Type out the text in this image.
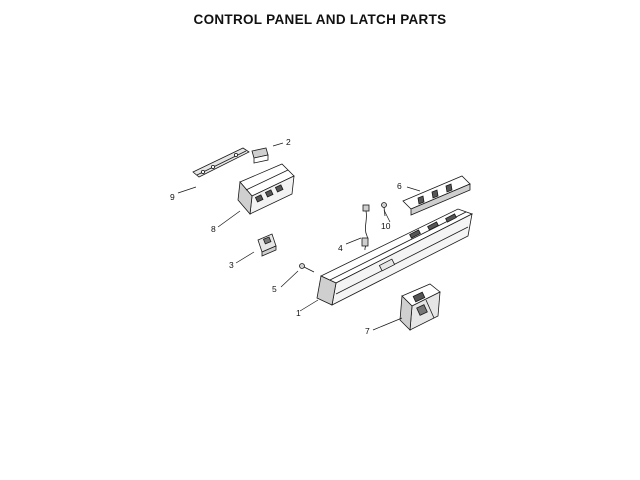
CONTROL PANEL AND LATCH PARTS
1
2
3
4
5
6
7
8
9
10
